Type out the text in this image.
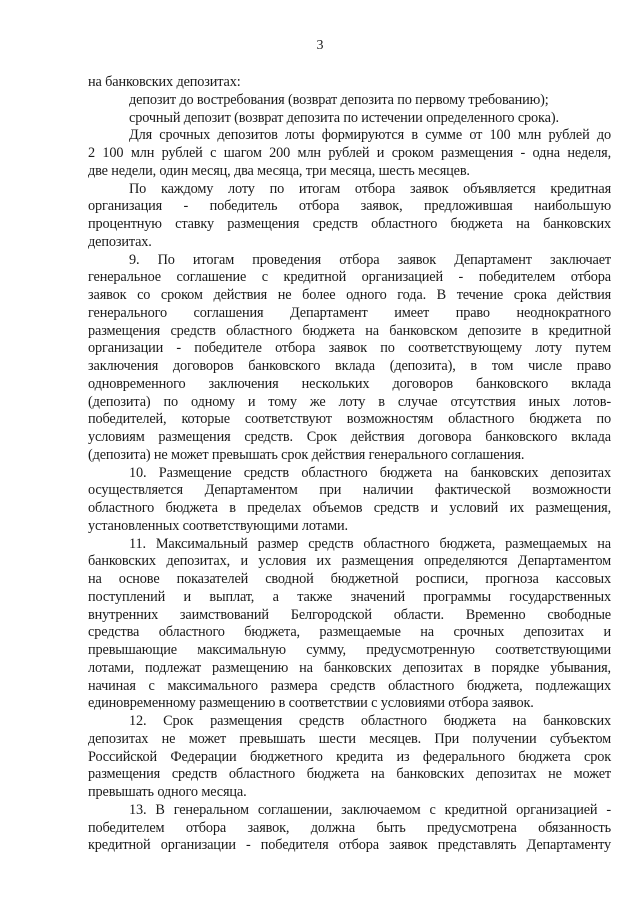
3
на банковских депозитах:
депозит до востребования (возврат депозита по первому требованию);
срочный депозит (возврат депозита по истечении определенного срока).
Для срочных депозитов лоты формируются в сумме от 100 млн рублей до
2 100 млн рублей с шагом 200 млн рублей и сроком размещения - одна неделя,
две недели, один месяц, два месяца, три месяца, шесть месяцев.
По каждому лоту по итогам отбора заявок объявляется кредитная
организация - победитель отбора заявок, предложившая наибольшую
процентную ставку размещения средств областного бюджета на банковских
депозитах.
9. По итогам проведения отбора заявок Департамент заключает
генеральное соглашение с кредитной организацией - победителем отбора
заявок со сроком действия не более одного года. В течение срока действия
генерального соглашения Департамент имеет право неоднократного
размещения средств областного бюджета на банковском депозите в кредитной
организации - победителе отбора заявок по соответствующему лоту путем
заключения договоров банковского вклада (депозита), в том числе право
одновременного заключения нескольких договоров банковского вклада
(депозита) по одному и тому же лоту в случае отсутствия иных лотов-
победителей, которые соответствуют возможностям областного бюджета по
условиям размещения средств. Срок действия договора банковского вклада
(депозита) не может превышать срок действия генерального соглашения.
10. Размещение средств областного бюджета на банковских депозитах
осуществляется Департаментом при наличии фактической возможности
областного бюджета в пределах объемов средств и условий их размещения,
установленных соответствующими лотами.
11. Максимальный размер средств областного бюджета, размещаемых на
банковских депозитах, и условия их размещения определяются Департаментом
на основе показателей сводной бюджетной росписи, прогноза кассовых
поступлений и выплат, а также значений программы государственных
внутренних заимствований Белгородской области. Временно свободные
средства областного бюджета, размещаемые на срочных депозитах и
превышающие максимальную сумму, предусмотренную соответствующими
лотами, подлежат размещению на банковских депозитах в порядке убывания,
начиная с максимального размера средств областного бюджета, подлежащих
единовременному размещению в соответствии с условиями отбора заявок.
12. Срок размещения средств областного бюджета на банковских
депозитах не может превышать шести месяцев. При получении субъектом
Российской Федерации бюджетного кредита из федерального бюджета срок
размещения средств областного бюджета на банковских депозитах не может
превышать одного месяца.
13. В генеральном соглашении, заключаемом с кредитной организацией -
победителем отбора заявок, должна быть предусмотрена обязанность
кредитной организации - победителя отбора заявок представлять Департаменту
